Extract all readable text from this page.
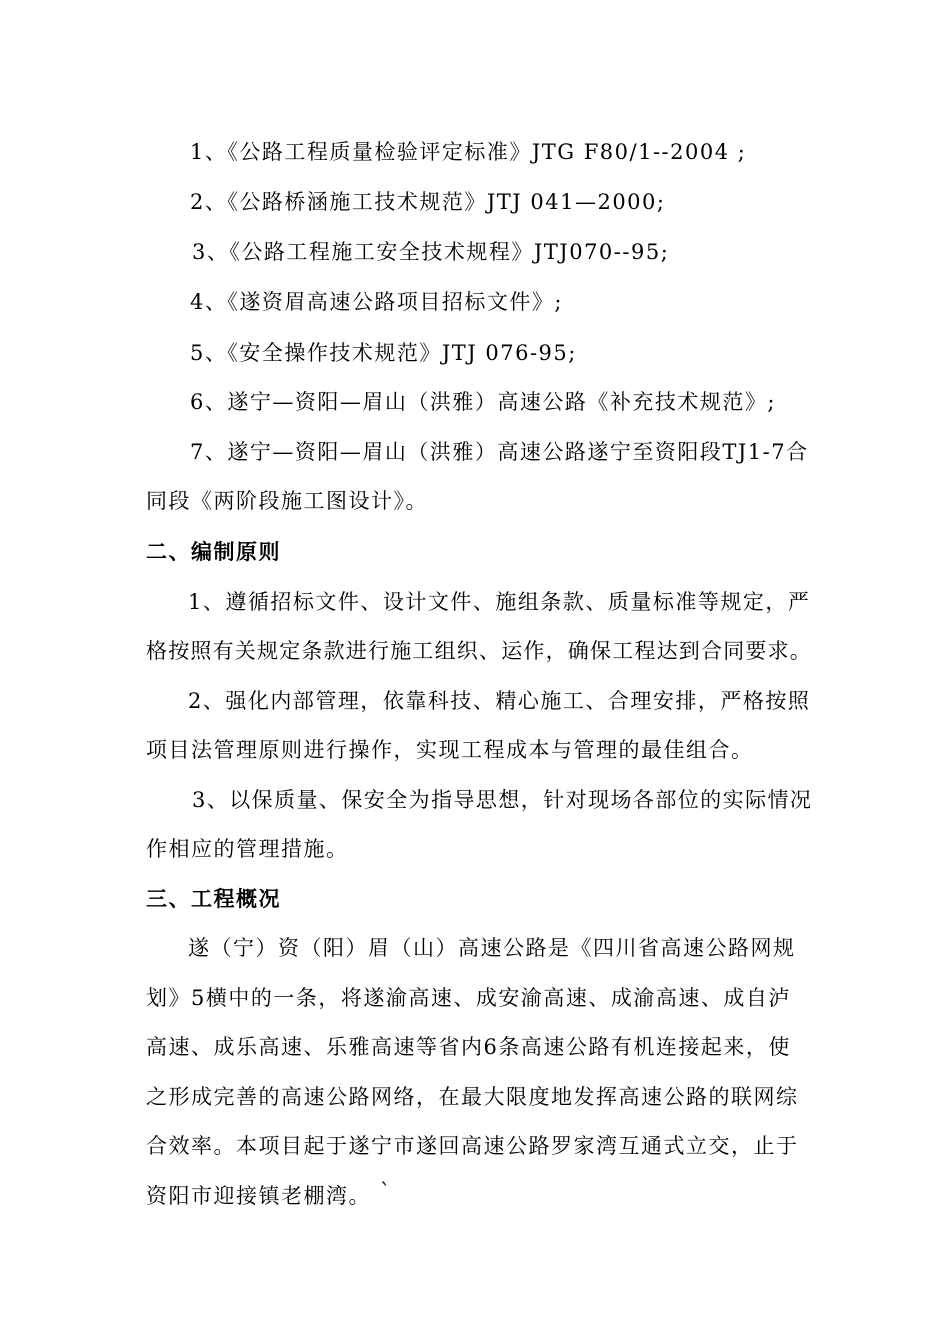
1、《公路工程质量检验评定标准》JTG F80/1--2004 ;
2、《公路桥涵施工技术规范》JTJ 041—2000;
3、《公路工程施工安全技术规程》JTJ070--95;
4、《遂资眉高速公路项目招标文件》;
5、《安全操作技术规范》JTJ 076-95;
6、遂宁—资阳—眉山（洪雅）高速公路《补充技术规范》;
7、遂宁—资阳—眉山（洪雅）高速公路遂宁至资阳段TJ1-7合
同段《两阶段施工图设计》。
二、编制原则
1、遵循招标文件、设计文件、施组条款、质量标准等规定，严
格按照有关规定条款进行施工组织、运作，确保工程达到合同要求。
2、强化内部管理，依靠科技、精心施工、合理安排，严格按照
项目法管理原则进行操作，实现工程成本与管理的最佳组合。
3、以保质量、保安全为指导思想，针对现场各部位的实际情况
作相应的管理措施。
三、工程概况
遂（宁）资（阳）眉（山）高速公路是《四川省高速公路网规
划》5横中的一条，将遂渝高速、成安渝高速、成渝高速、成自泸
高速、成乐高速、乐雅高速等省内6条高速公路有机连接起来，使
之形成完善的高速公路网络，在最大限度地发挥高速公路的联网综
合效率。本项目起于遂宁市遂回高速公路罗家湾互通式立交，止于
资阳市迎接镇老棚湾。 `
